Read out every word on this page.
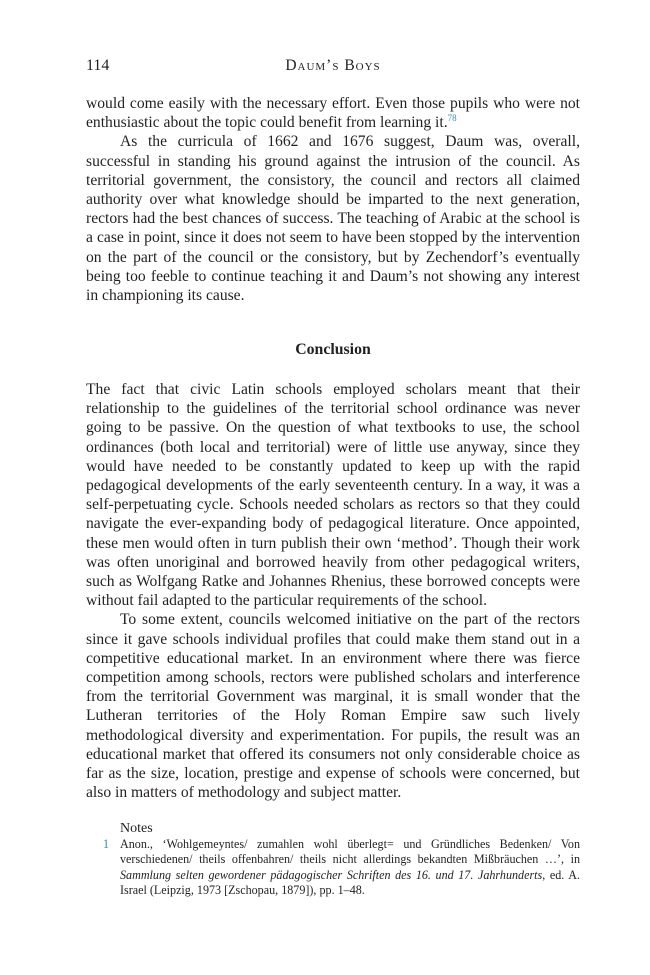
114	Daum’s Boys

would come easily with the necessary effort. Even those pupils who were not enthusiastic about the topic could benefit from learning it.$^{78}$

As the curricula of 1662 and 1676 suggest, Daum was, overall, successful in standing his ground against the intrusion of the council. As territorial government, the consistory, the council and rectors all claimed authority over what knowledge should be imparted to the next generation, rectors had the best chances of success. The teaching of Arabic at the school is a case in point, since it does not seem to have been stopped by the intervention on the part of the council or the consistory, but by Zechendorf’s eventually being too feeble to continue teaching it and Daum’s not showing any interest in championing its cause.

Conclusion

The fact that civic Latin schools employed scholars meant that their relationship to the guidelines of the territorial school ordinance was never going to be passive. On the question of what textbooks to use, the school ordinances (both local and territorial) were of little use anyway, since they would have needed to be constantly updated to keep up with the rapid pedagogical developments of the early seventeenth century. In a way, it was a self-perpetuating cycle. Schools needed scholars as rectors so that they could navigate the ever-expanding body of pedagogical literature. Once appointed, these men would often in turn publish their own ‘method’. Though their work was often unoriginal and borrowed heavily from other pedagogical writers, such as Wolfgang Ratke and Johannes Rhenius, these borrowed concepts were without fail adapted to the particular requirements of the school.

To some extent, councils welcomed initiative on the part of the rectors since it gave schools individual profiles that could make them stand out in a competitive educational market. In an environment where there was fierce competition among schools, rectors were published scholars and interference from the territorial Government was marginal, it is small wonder that the Lutheran territories of the Holy Roman Empire saw such lively methodological diversity and experimentation. For pupils, the result was an educational market that offered its consumers not only considerable choice as far as the size, location, prestige and expense of schools were concerned, but also in matters of methodology and subject matter.

Notes
1 Anon., ‘Wohlgemeyntes/ zumahlen wohl überlegt= und Gründliches Bedenken/ Von verschiedenen/ theils offenbahren/ theils nicht allerdings bekandten Mißbräuchen …’, in Sammlung selten gewordener pädagogischer Schriften des 16. und 17. Jahrhunderts, ed. A. Israel (Leipzig, 1973 [Zschopau, 1879]), pp. 1–48.
